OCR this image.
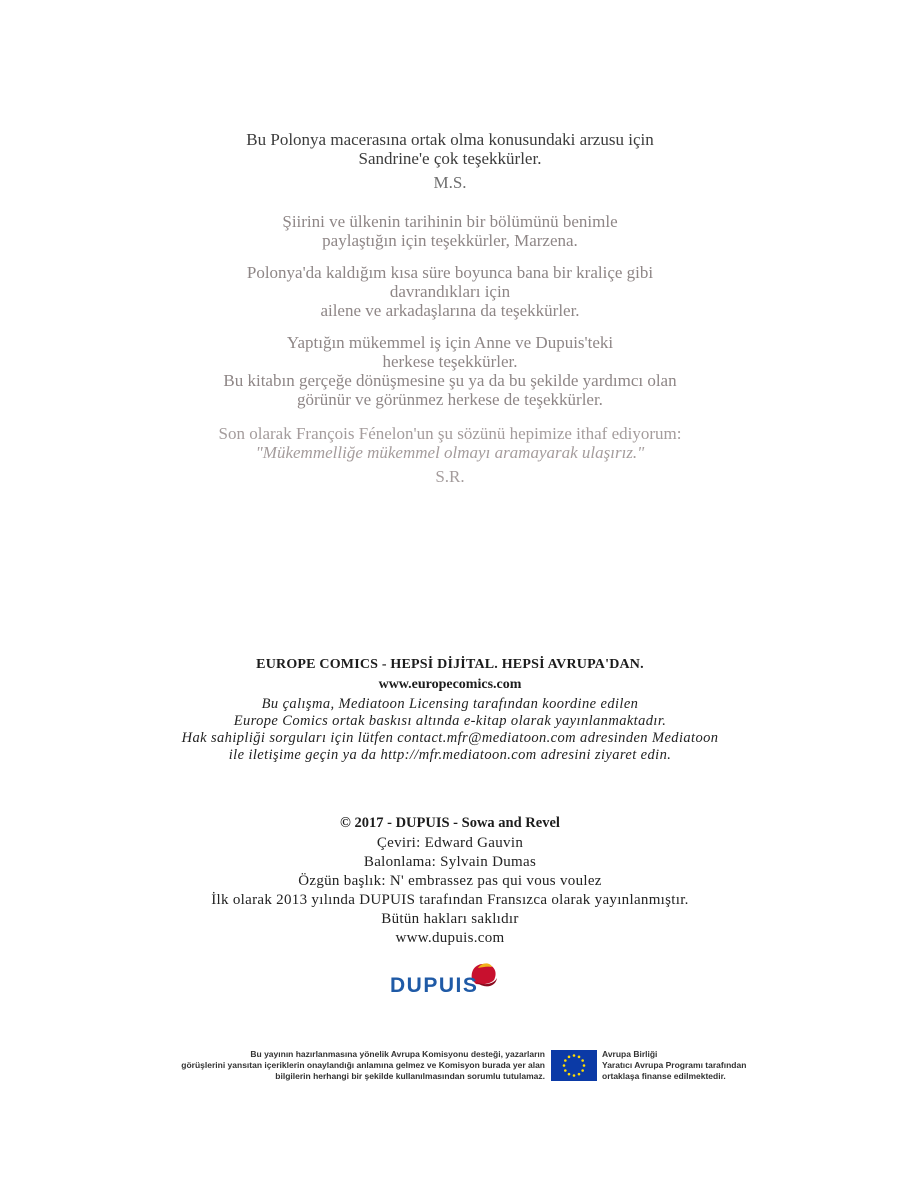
Bu Polonya macerasına ortak olma konusundaki arzusu için
Sandrine'e çok teşekkürler.
M.S.
Şiirini ve ülkenin tarihinin bir bölümünü benimle
paylaştığın için teşekkürler, Marzena.
Polonya'da kaldığım kısa süre boyunca bana bir kraliçe gibi
davrandıkları için
ailene ve arkadaşlarına da teşekkürler.
Yaptığın mükemmel iş için Anne ve Dupuis'teki
herkese teşekkürler.
Bu kitabın gerçeğe dönüşmesine şu ya da bu şekilde yardımcı olan
görünür ve görünmez herkese de teşekkürler.
Son olarak François Fénelon'un şu sözünü hepimize ithaf ediyorum:
"Mükemmelliğe mükemmel olmayı aramayarak ulaşırız."
S.R.
EUROPE COMICS - HEPSİ DİJİTAL. HEPSİ AVRUPA'DAN.
www.europecomics.com
Bu çalışma, Mediatoon Licensing tarafından koordine edilen
Europe Comics ortak baskısı altında e-kitap olarak yayınlanmaktadır.
Hak sahipliği sorguları için lütfen contact.mfr@mediatoon.com adresinden Mediatoon
ile iletişime geçin ya da http://mfr.mediatoon.com adresini ziyaret edin.
© 2017 - DUPUIS - Sowa and Revel
Çeviri: Edward Gauvin
Balonlama: Sylvain Dumas
Özgün başlık: N' embrassez pas qui vous voulez
İlk olarak 2013 yılında DUPUIS tarafından Fransızca olarak yayınlanmıştır.
Bütün hakları saklıdır
www.dupuis.com
DUPUIS
Bu yayının hazırlanmasına yönelik Avrupa Komisyonu desteği, yazarların
görüşlerini yansıtan içeriklerin onaylandığı anlamına gelmez ve Komisyon burada yer alan
bilgilerin herhangi bir şekilde kullanılmasından sorumlu tutulamaz.
Avrupa Birliği
Yaratıcı Avrupa Programı tarafından
ortaklaşa finanse edilmektedir.
